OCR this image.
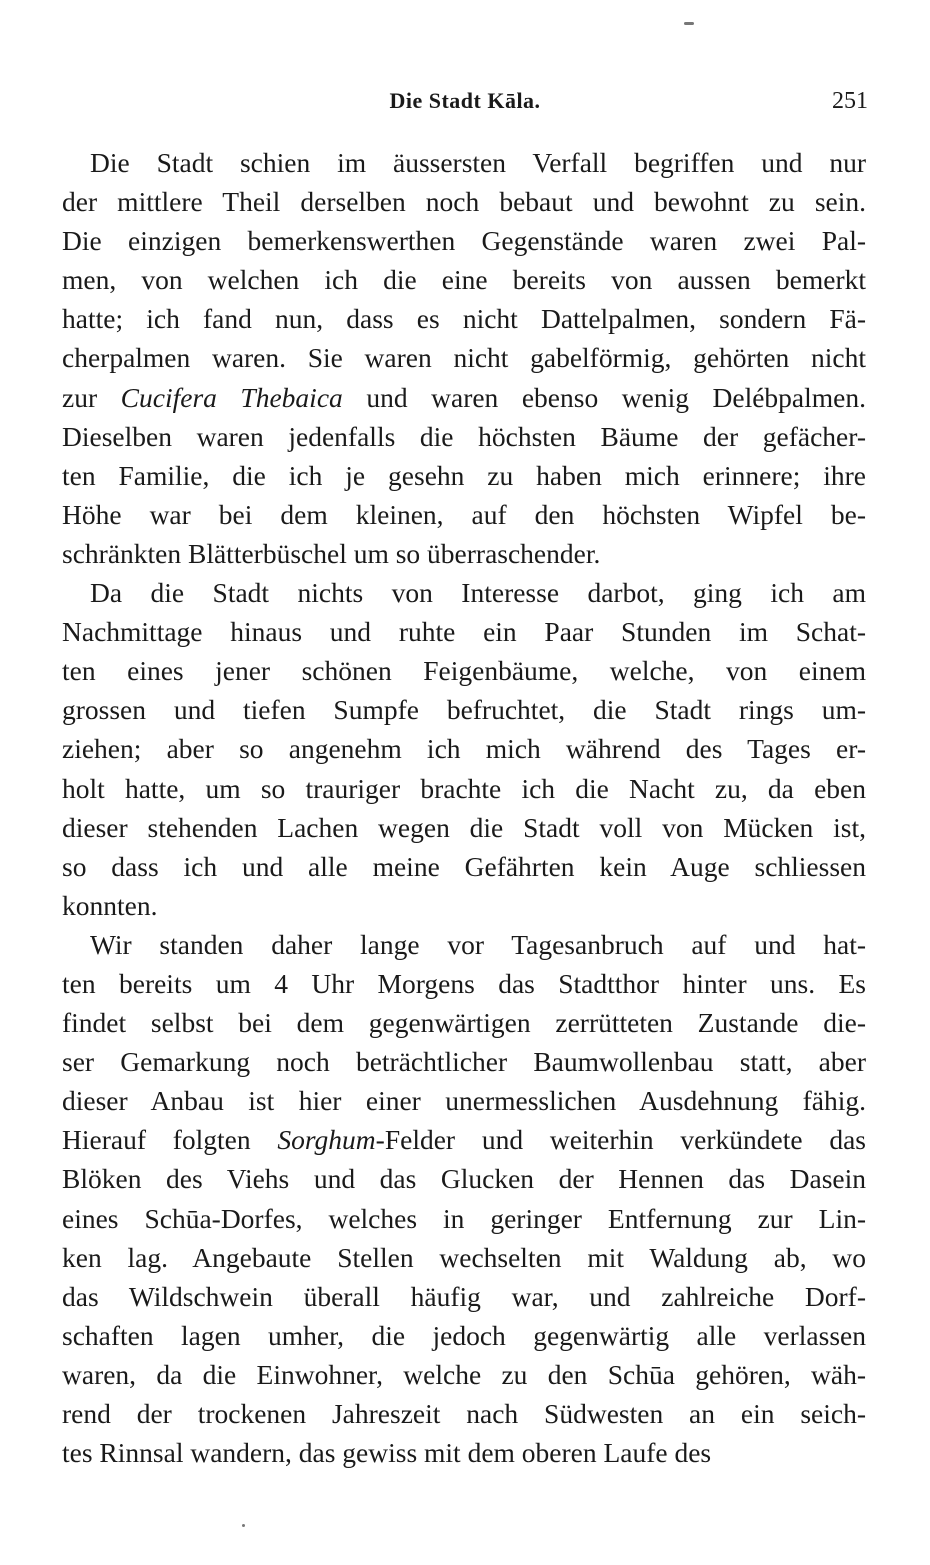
Die Stadt Kāla.	251
Die Stadt schien im äussersten Verfall begriffen und nur
der mittlere Theil derselben noch bebaut und bewohnt zu sein.
Die einzigen bemerkenswerthen Gegenstände waren zwei Pal-
men, von welchen ich die eine bereits von aussen bemerkt
hatte; ich fand nun, dass es nicht Dattelpalmen, sondern Fä-
cherpalmen waren. Sie waren nicht gabelförmig, gehörten nicht
zur Cucifera Thebaica und waren ebenso wenig Delébpalmen.
Dieselben waren jedenfalls die höchsten Bäume der gefächer-
ten Familie, die ich je gesehn zu haben mich erinnere; ihre
Höhe war bei dem kleinen, auf den höchsten Wipfel be-
schränkten Blätterbüschel um so überraschender.
Da die Stadt nichts von Interesse darbot, ging ich am
Nachmittage hinaus und ruhte ein Paar Stunden im Schat-
ten eines jener schönen Feigenbäume, welche, von einem
grossen und tiefen Sumpfe befruchtet, die Stadt rings um-
ziehen; aber so angenehm ich mich während des Tages er-
holt hatte, um so trauriger brachte ich die Nacht zu, da eben
dieser stehenden Lachen wegen die Stadt voll von Mücken ist,
so dass ich und alle meine Gefährten kein Auge schliessen
konnten.
Wir standen daher lange vor Tagesanbruch auf und hat-
ten bereits um 4 Uhr Morgens das Stadtthor hinter uns. Es
findet selbst bei dem gegenwärtigen zerrütteten Zustande die-
ser Gemarkung noch beträchtlicher Baumwollenbau statt, aber
dieser Anbau ist hier einer unermesslichen Ausdehnung fähig.
Hierauf folgten Sorghum-Felder und weiterhin verkündete das
Blöken des Viehs und das Glucken der Hennen das Dasein
eines Schūa-Dorfes, welches in geringer Entfernung zur Lin-
ken lag. Angebaute Stellen wechselten mit Waldung ab, wo
das Wildschwein überall häufig war, und zahlreiche Dorf-
schaften lagen umher, die jedoch gegenwärtig alle verlassen
waren, da die Einwohner, welche zu den Schūa gehören, wäh-
rend der trockenen Jahreszeit nach Südwesten an ein seich-
tes Rinnsal wandern, das gewiss mit dem oberen Laufe des
